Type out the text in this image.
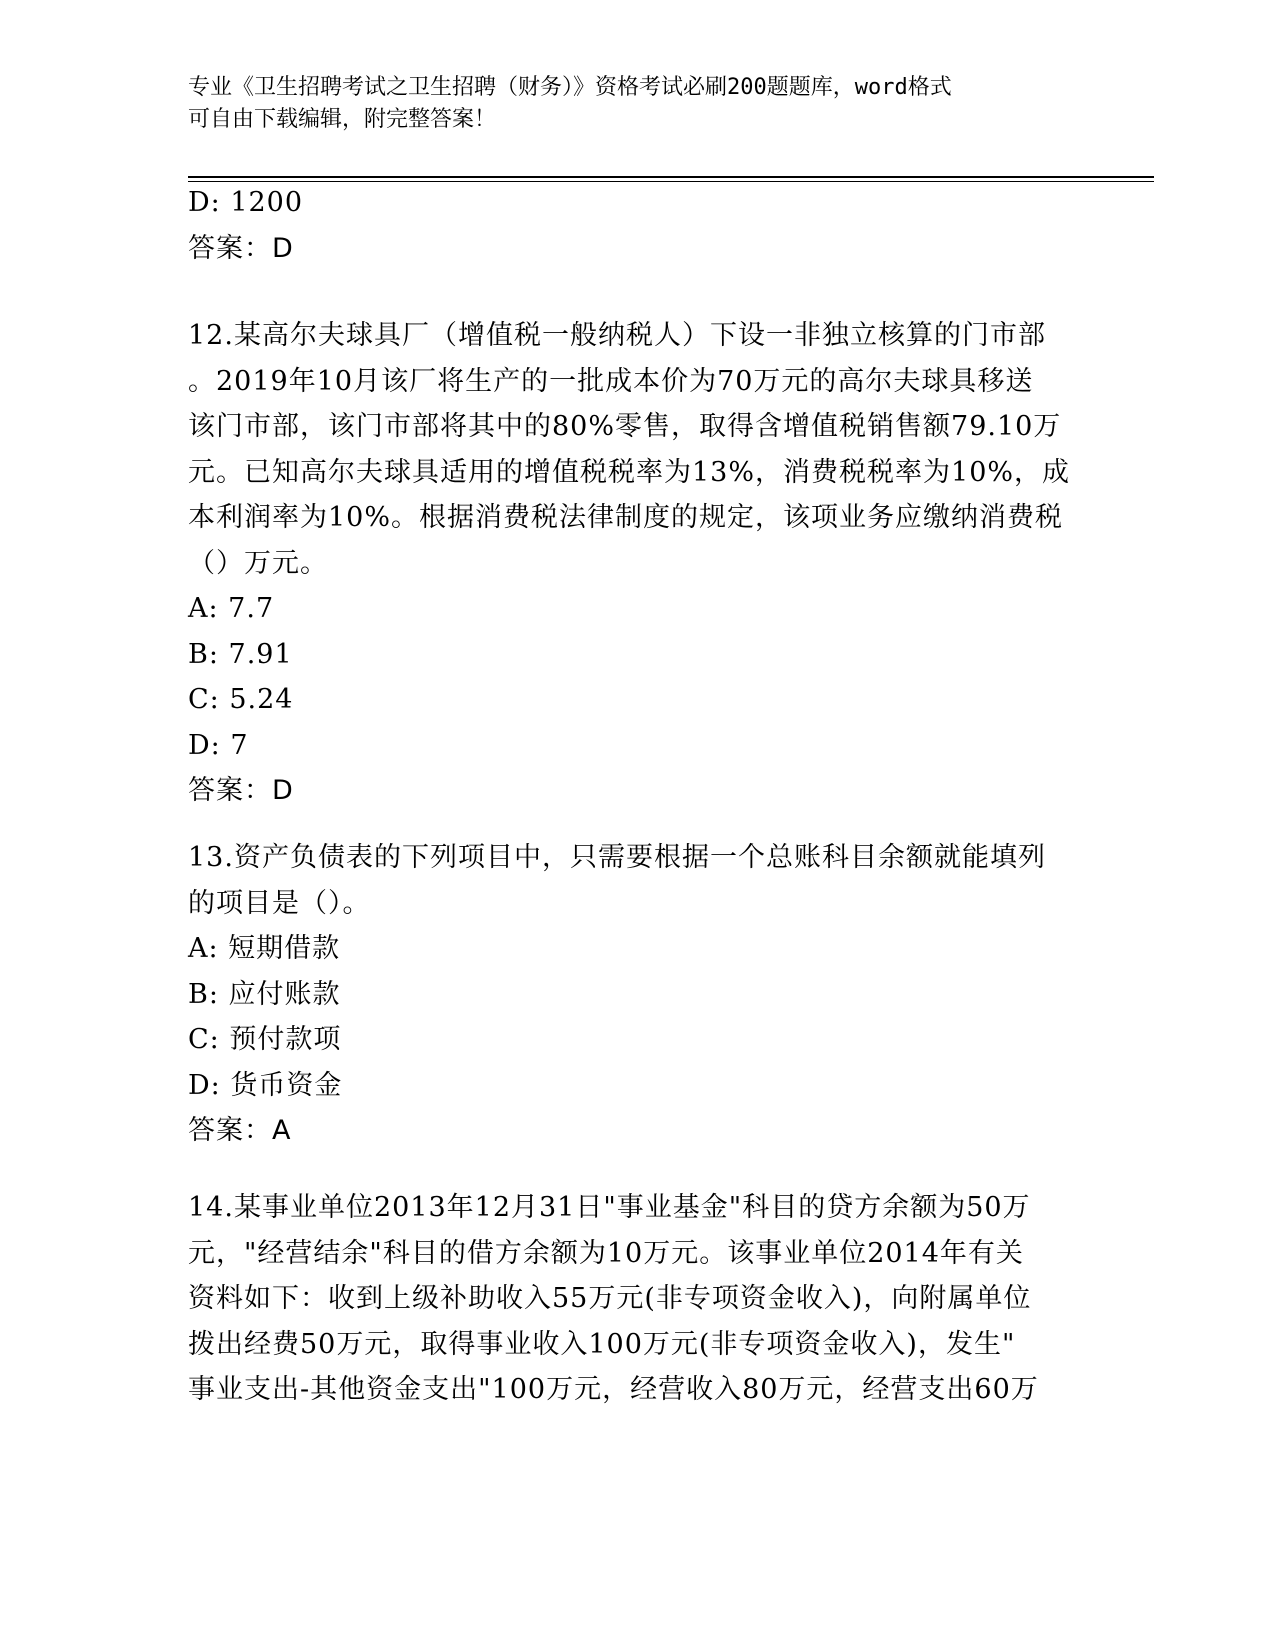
专业《卫生招聘考试之卫生招聘（财务）》资格考试必刷200题题库，word格式
可自由下载编辑，附完整答案！
D: 1200
答案：D
12.某高尔夫球具厂（增值税一般纳税人）下设一非独立核算的门市部
。2019年10月该厂将生产的一批成本价为70万元的高尔夫球具移送
该门市部，该门市部将其中的80%零售，取得含增值税销售额79.10万
元。已知高尔夫球具适用的增值税税率为13%，消费税税率为10%，成
本利润率为10%。根据消费税法律制度的规定，该项业务应缴纳消费税
（）万元。
A: 7.7
B: 7.91
C: 5.24
D: 7
答案：D
13.资产负债表的下列项目中，只需要根据一个总账科目余额就能填列
的项目是（）。
A: 短期借款
B: 应付账款
C: 预付款项
D: 货币资金
答案：A
14.某事业单位2013年12月31日"事业基金"科目的贷方余额为50万
元，"经营结余"科目的借方余额为10万元。该事业单位2014年有关
资料如下：收到上级补助收入55万元(非专项资金收入)，向附属单位
拨出经费50万元，取得事业收入100万元(非专项资金收入)，发生"
事业支出-其他资金支出"100万元，经营收入80万元，经营支出60万
